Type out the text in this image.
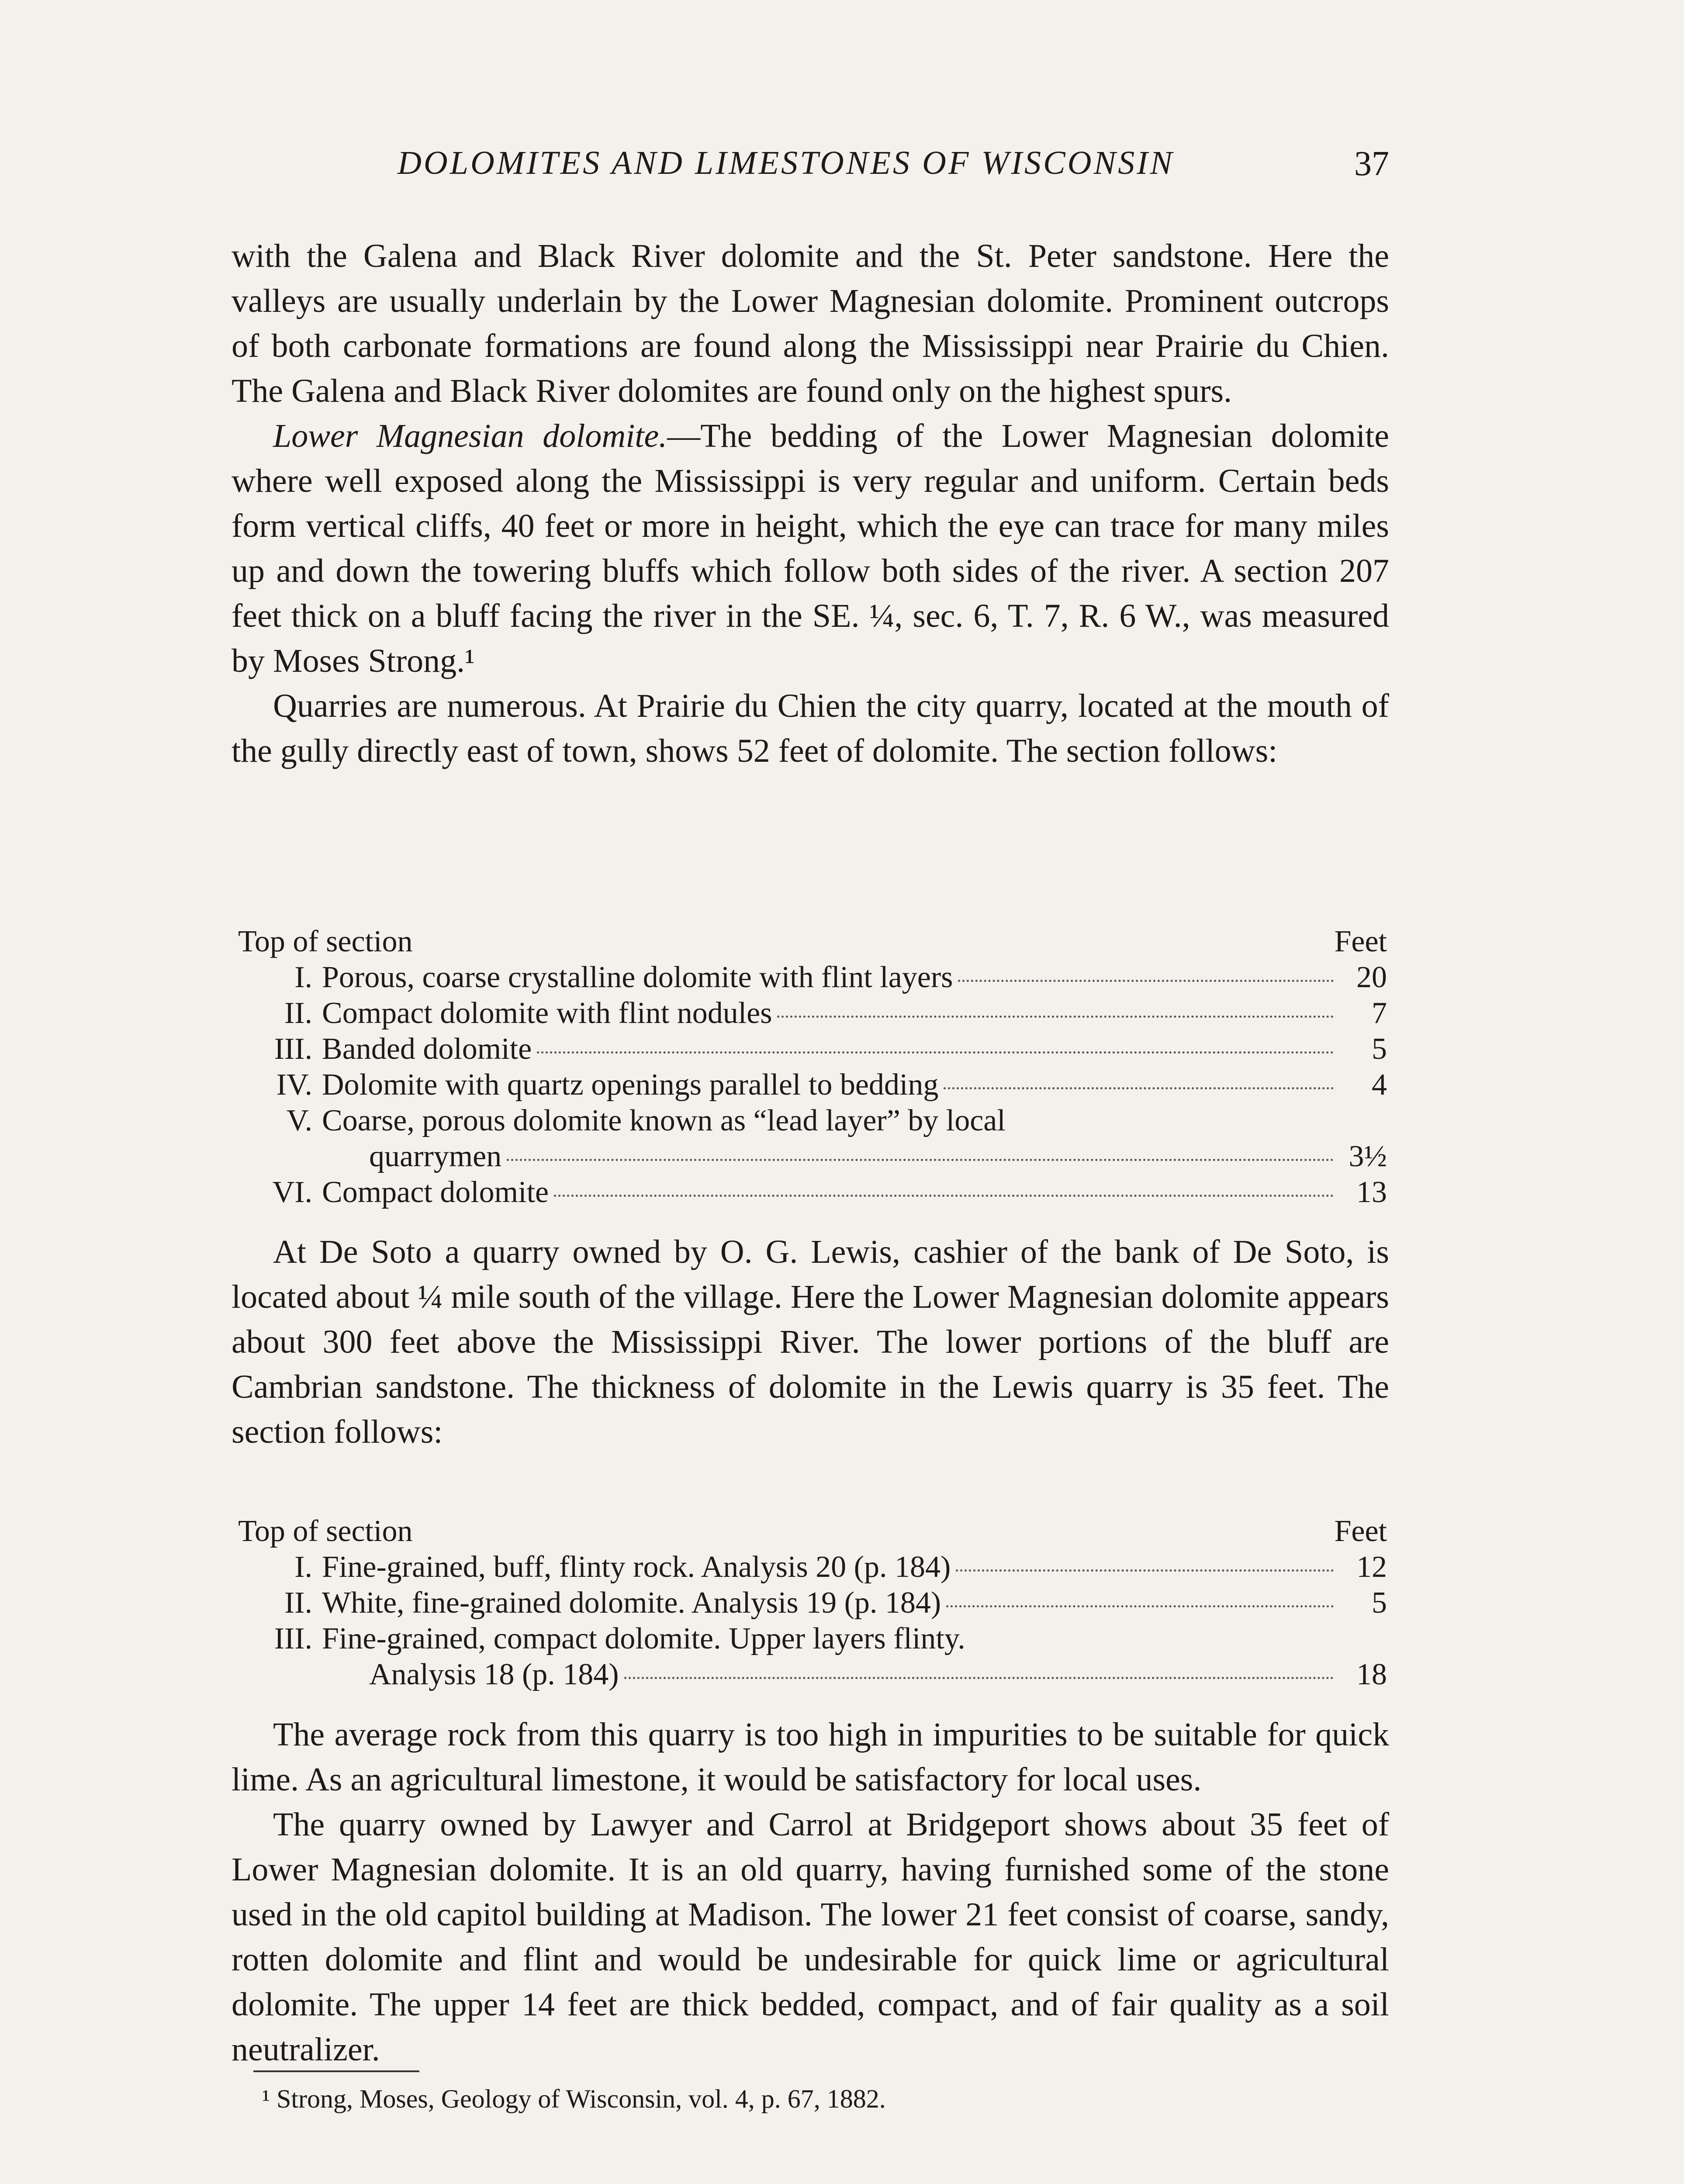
DOLOMITES AND LIMESTONES OF WISCONSIN	37

with the Galena and Black River dolomite and the St. Peter sandstone. Here the valleys are usually underlain by the Lower Magnesian dolomite. Prominent outcrops of both carbonate formations are found along the Mississippi near Prairie du Chien. The Galena and Black River dolomites are found only on the highest spurs.

Lower Magnesian dolomite.—The bedding of the Lower Magnesian dolomite where well exposed along the Mississippi is very regular and uniform. Certain beds form vertical cliffs, 40 feet or more in height, which the eye can trace for many miles up and down the towering bluffs which follow both sides of the river. A section 207 feet thick on a bluff facing the river in the SE. ¼, sec. 6, T. 7, R. 6 W., was measured by Moses Strong.¹

Quarries are numerous. At Prairie du Chien the city quarry, located at the mouth of the gully directly east of town, shows 52 feet of dolomite. The section follows:

Top of section	Feet
I. Porous, coarse crystalline dolomite with flint layers	20
II. Compact dolomite with flint nodules	7
III. Banded dolomite	5
IV. Dolomite with quartz openings parallel to bedding	4
V. Coarse, porous dolomite known as “lead layer” by local
quarrymen	3½
VI. Compact dolomite	13

At De Soto a quarry owned by O. G. Lewis, cashier of the bank of De Soto, is located about ¼ mile south of the village. Here the Lower Magnesian dolomite appears about 300 feet above the Mississippi River. The lower portions of the bluff are Cambrian sandstone. The thickness of dolomite in the Lewis quarry is 35 feet. The section follows:

Top of section	Feet
I. Fine-grained, buff, flinty rock. Analysis 20 (p. 184)	12
II. White, fine-grained dolomite. Analysis 19 (p. 184)	5
III. Fine-grained, compact dolomite. Upper layers flinty.
Analysis 18 (p. 184)	18

The average rock from this quarry is too high in impurities to be suitable for quick lime. As an agricultural limestone, it would be satisfactory for local uses.

The quarry owned by Lawyer and Carrol at Bridgeport shows about 35 feet of Lower Magnesian dolomite. It is an old quarry, having furnished some of the stone used in the old capitol building at Madison. The lower 21 feet consist of coarse, sandy, rotten dolomite and flint and would be undesirable for quick lime or agricultural dolomite. The upper 14 feet are thick bedded, compact, and of fair quality as a soil neutralizer.

¹ Strong, Moses, Geology of Wisconsin, vol. 4, p. 67, 1882.
